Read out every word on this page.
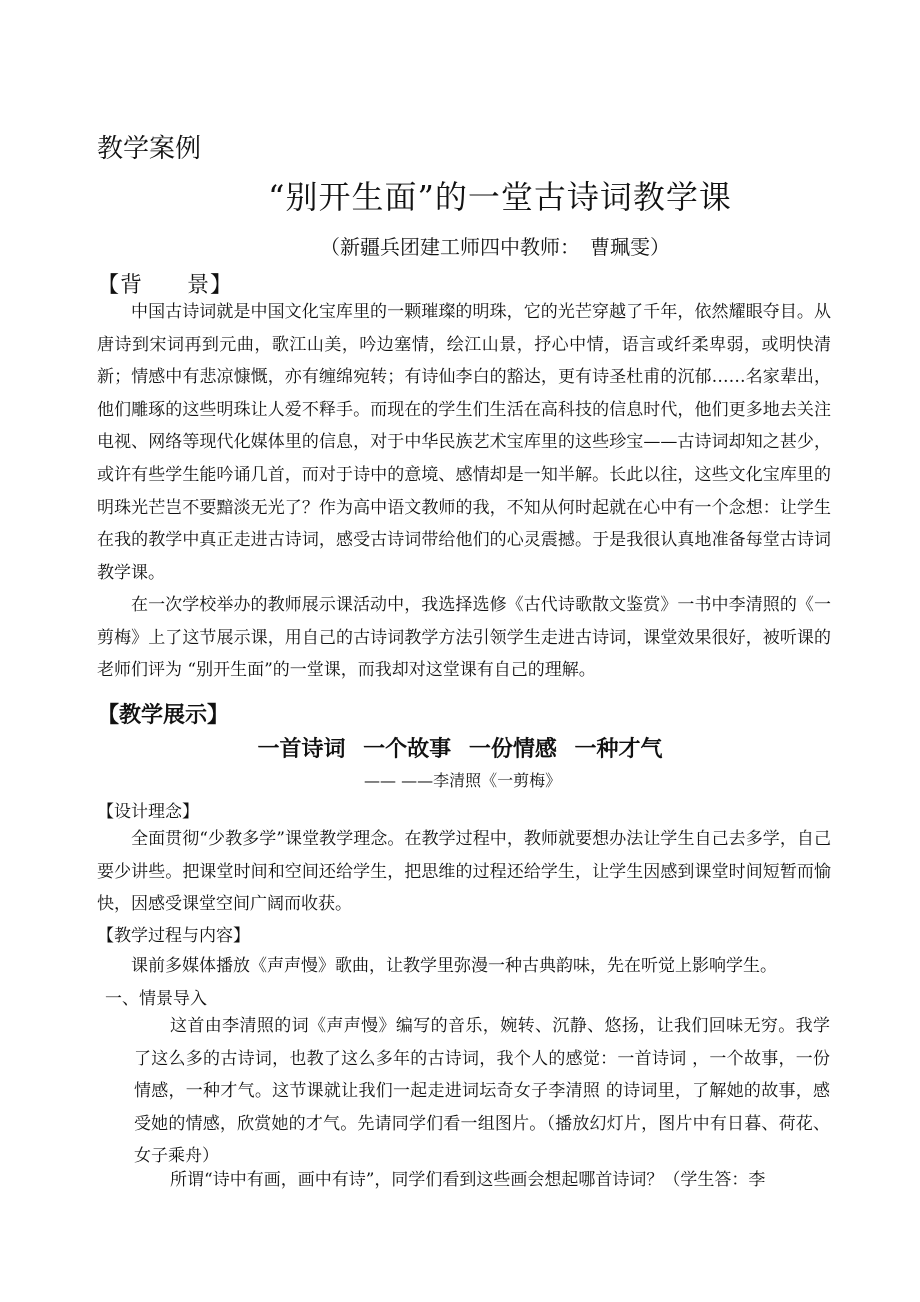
教学案例
“别开生面”的一堂古诗词教学课
（新疆兵团建工师四中教师：　曹珮雯）
【背 景】

中国古诗词就是中国文化宝库里的一颗璀璨的明珠，它的光芒穿越了千年，依然耀眼夺目。从唐诗到宋词再到元曲，歌江山美，吟边塞情，绘江山景，抒心中情，语言或纤柔卑弱，或明快清新；情感中有悲凉慷慨，亦有缠绵宛转；有诗仙李白的豁达，更有诗圣杜甫的沉郁……名家辈出，他们雕琢的这些明珠让人爱不释手。而现在的学生们生活在高科技的信息时代，他们更多地去关注电视、网络等现代化媒体里的信息，对于中华民族艺术宝库里的这些珍宝——古诗词却知之甚少，或许有些学生能吟诵几首，而对于诗中的意境、感情却是一知半解。长此以往，这些文化宝库里的明珠光芒岂不要黯淡无光了？作为高中语文教师的我，不知从何时起就在心中有一个念想：让学生在我的教学中真正走进古诗词，感受古诗词带给他们的心灵震撼。于是我很认真地准备每堂古诗词教学课。

在一次学校举办的教师展示课活动中，我选择选修《古代诗歌散文鉴赏》一书中李清照的《一剪梅》上了这节展示课，用自己的古诗词教学方法引领学生走进古诗词，课堂效果很好，被听课的老师们评为 “别开生面”的一堂课，而我却对这堂课有自己的理解。

【教学展示】
一首诗词 一个故事 一份情感 一种才气
—— ——李清照《一剪梅》
【设计理念】

全面贯彻“少教多学”课堂教学理念。在教学过程中，教师就要想办法让学生自己去多学，自己要少讲些。把课堂时间和空间还给学生，把思维的过程还给学生，让学生因感到课堂时间短暂而愉快，因感受课堂空间广阔而收获。

【教学过程与内容】

课前多媒体播放《声声慢》歌曲，让教学里弥漫一种古典韵味，先在听觉上影响学生。

一、情景导入

这首由李清照的词《声声慢》编写的音乐，婉转、沉静、悠扬，让我们回味无穷。我学了这么多的古诗词，也教了这么多年的古诗词，我个人的感觉：一首诗词 ，一个故事，一份情感，一种才气。这节课就让我们一起走进词坛奇女子李清照 的诗词里，了解她的故事，感受她的情感，欣赏她的才气。先请同学们看一组图片。（播放幻灯片，图片中有日暮、荷花、女子乘舟）

所谓“诗中有画，画中有诗”，同学们看到这些画会想起哪首诗词？（学生答：李
